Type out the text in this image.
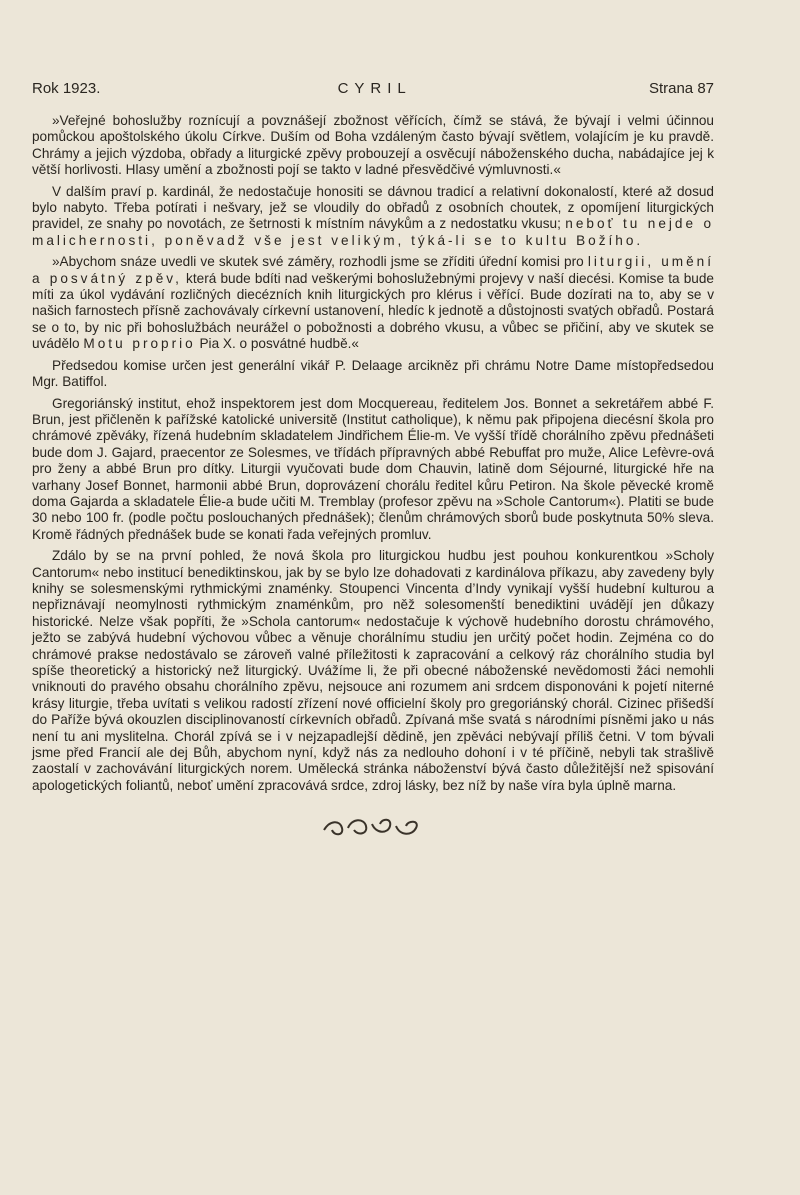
Rok 1923.	CYRIL	Strana 87

»Veřejné bohoslužby roznícují a povznášejí zbožnost věřících, čímž se stává, že bývají i velmi účinnou pomůckou apoštolského úkolu Církve. Duším od Boha vzdáleným často bývají světlem, volajícím je ku pravdě. Chrámy a jejich výzdoba, obřady a liturgické zpěvy probouzejí a osvěcují náboženského ducha, nabádajíce jej k větší horlivosti. Hlasy umění a zbožnosti pojí se takto v ladné přesvědčivé výmluvnosti.«

V dalším praví p. kardinál, že nedostačuje honositi se dávnou tradicí a relativní dokonalostí, které až dosud bylo nabyto. Třeba potírati i nešvary, jež se vloudily do obřadů z osobních choutek, z opomíjení liturgických pravidel, ze snahy po novotách, ze šetrnosti k místním návykům a z nedostatku vkusu; neboť tu nejde o malichernosti, poněvadž vše jest velikým, týká-li se to kultu Božího.

»Abychom snáze uvedli ve skutek své záměry, rozhodli jsme se zříditi úřední komisi pro liturgii, umění a posvátný zpěv, která bude bdíti nad veškerými bohoslužebnými projevy v naší diecési. Komise ta bude míti za úkol vydávání rozličných diecézních knih liturgických pro klérus i věřící. Bude dozírati na to, aby se v našich farnostech přísně zachovávaly církevní ustanovení, hledíc k jednotě a důstojnosti svatých obřadů. Postará se o to, by nic při bohoslužbách neurážel o pobožnosti a dobrého vkusu, a vůbec se přičiní, aby ve skutek se uvádělo Motu proprio Pia X. o posvátné hudbě.«

Předsedou komise určen jest generální vikář P. Delaage arcikněz při chrámu Notre Dame místopředsedou Mgr. Batiffol.

Gregoriánský institut, ehož inspektorem jest dom Mocquereau, ředitelem Jos. Bonnet a sekretářem abbé F. Brun, jest přičleněn k pařížské katolické universitě (Institut catholique), k němu pak připojena diecésní škola pro chrámové zpěváky, řízená hudebním skladatelem Jindřichem Élie-m. Ve vyšší třídě chorálního zpěvu přednášeti bude dom J. Gajard, praecentor ze Solesmes, ve třídách přípravných abbé Rebuffat pro muže, Alice Lefèvre-ová pro ženy a abbé Brun pro dítky. Liturgii vyučovati bude dom Chauvin, latině dom Séjourné, liturgické hře na varhany Josef Bonnet, harmonii abbé Brun, doprovázení chorálu ředitel kůru Petiron. Na škole pěvecké kromě doma Gajarda a skladatele Élie-a bude učiti M. Tremblay (profesor zpěvu na »Schole Cantorum«). Platiti se bude 30 nebo 100 fr. (podle počtu poslouchaných přednášek); členům chrámových sborů bude poskytnuta 50% sleva. Kromě řádných přednášek bude se konati řada veřejných promluv.

Zdálo by se na první pohled, že nová škola pro liturgickou hudbu jest pouhou konkurentkou »Scholy Cantorum« nebo institucí benediktinskou, jak by se bylo lze dohadovati z kardinálova příkazu, aby zavedeny byly knihy se solesmenskými rythmickými znaménky. Stoupenci Vincenta d’Indy vynikají vyšší hudební kulturou a nepřiznávají neomylnosti rythmickým znaménkům, pro něž solesomenští benediktini uvádějí jen důkazy historické. Nelze však popříti, že »Schola cantorum« nedostačuje k výchově hudebního dorostu chrámového, ježto se zabývá hudební výchovou vůbec a věnuje chorálnímu studiu jen určitý počet hodin. Zejména co do chrámové prakse nedostávalo se zároveň valné příležitosti k zapracování a celkový ráz chorálního studia byl spíše theoretický a historický než liturgický. Uvážíme li, že při obecné náboženské nevědomosti žáci nemohli vniknouti do pravého obsahu chorálního zpěvu, nejsouce ani rozumem ani srdcem disponováni k pojetí niterné krásy liturgie, třeba uvítati s velikou radostí zřízení nové officielní školy pro gregoriánský chorál. Cizinec přišedší do Paříže bývá okouzlen disciplinovaností církevních obřadů. Zpívaná mše svatá s národními písněmi jako u nás není tu ani myslitelna. Chorál zpívá se i v nejzapadlejší dědině, jen zpěváci nebývají příliš četni. V tom bývali jsme před Francií ale dej Bůh, abychom nyní, když nás za nedlouho dohoní i v té příčině, nebyli tak strašlivě zaostalí v zachovávání liturgických norem. Umělecká stránka náboženství bývá často důležitější než spisování apologetických foliantů, neboť umění zpracovává srdce, zdroj lásky, bez níž by naše víra byla úplně marna.
